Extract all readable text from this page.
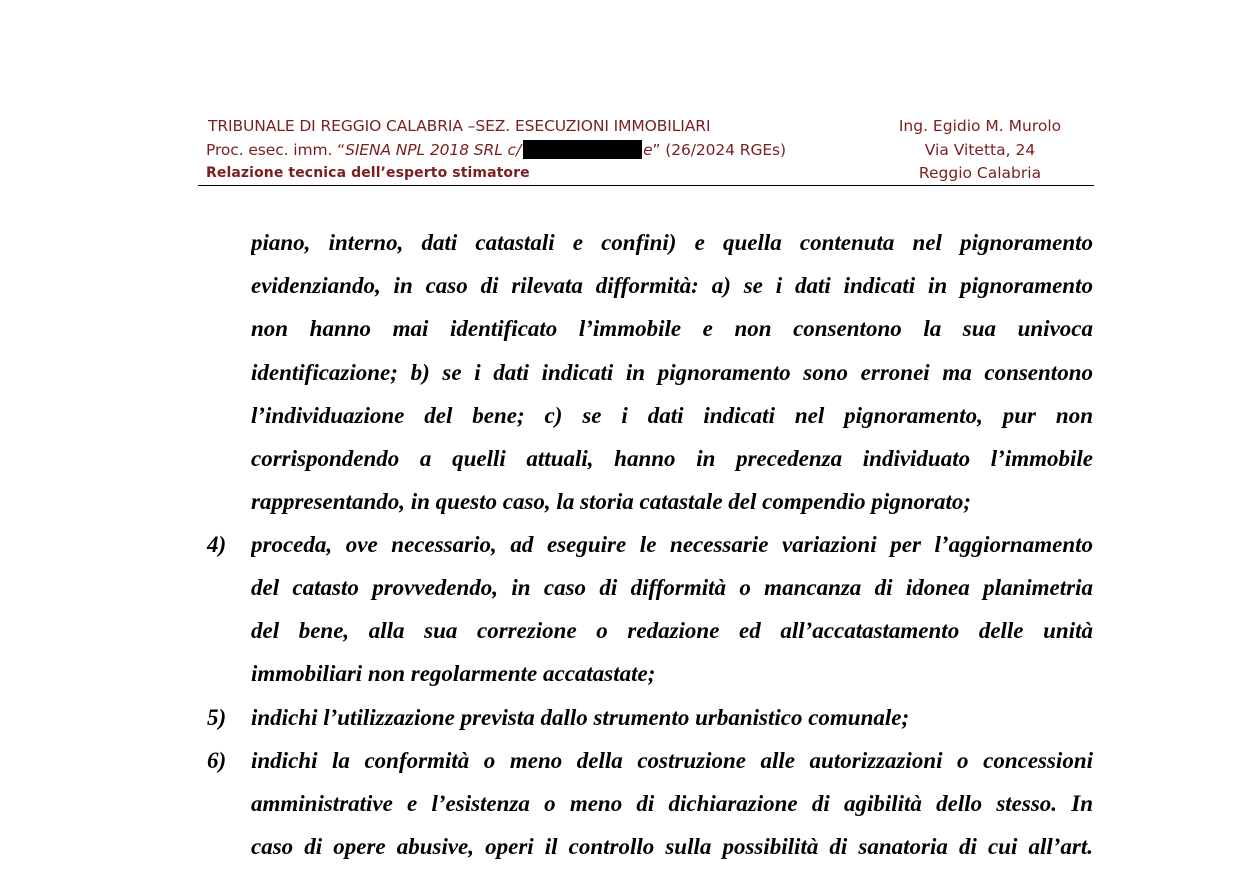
TRIBUNALE DI REGGIO CALABRIA –SEZ. ESECUZIONI IMMOBILIARI
Proc. esec. imm. “SIENA NPL 2018 SRL c/	e” (26/2024 RGEs)
Relazione tecnica dell’esperto stimatore
Ing. Egidio M. Murolo
Via Vitetta, 24
Reggio Calabria
piano, interno, dati catastali e confini) e quella contenuta nel pignoramento
evidenziando, in caso di rilevata difformità: a) se i dati indicati in pignoramento
non hanno mai identificato l’immobile e non consentono la sua univoca
identificazione; b) se i dati indicati in pignoramento sono erronei ma consentono
l’individuazione del bene; c) se i dati indicati nel pignoramento, pur non
corrispondendo a quelli attuali, hanno in precedenza individuato l’immobile
rappresentando, in questo caso, la storia catastale del compendio pignorato;
4) proceda, ove necessario, ad eseguire le necessarie variazioni per l’aggiornamento
del catasto provvedendo, in caso di difformità o mancanza di idonea planimetria
del bene, alla sua correzione o redazione ed all’accatastamento delle unità
immobiliari non regolarmente accatastate;
5) indichi l’utilizzazione prevista dallo strumento urbanistico comunale;
6) indichi la conformità o meno della costruzione alle autorizzazioni o concessioni
amministrative e l’esistenza o meno di dichiarazione di agibilità dello stesso. In
caso di opere abusive, operi il controllo sulla possibilità di sanatoria di cui all’art.
